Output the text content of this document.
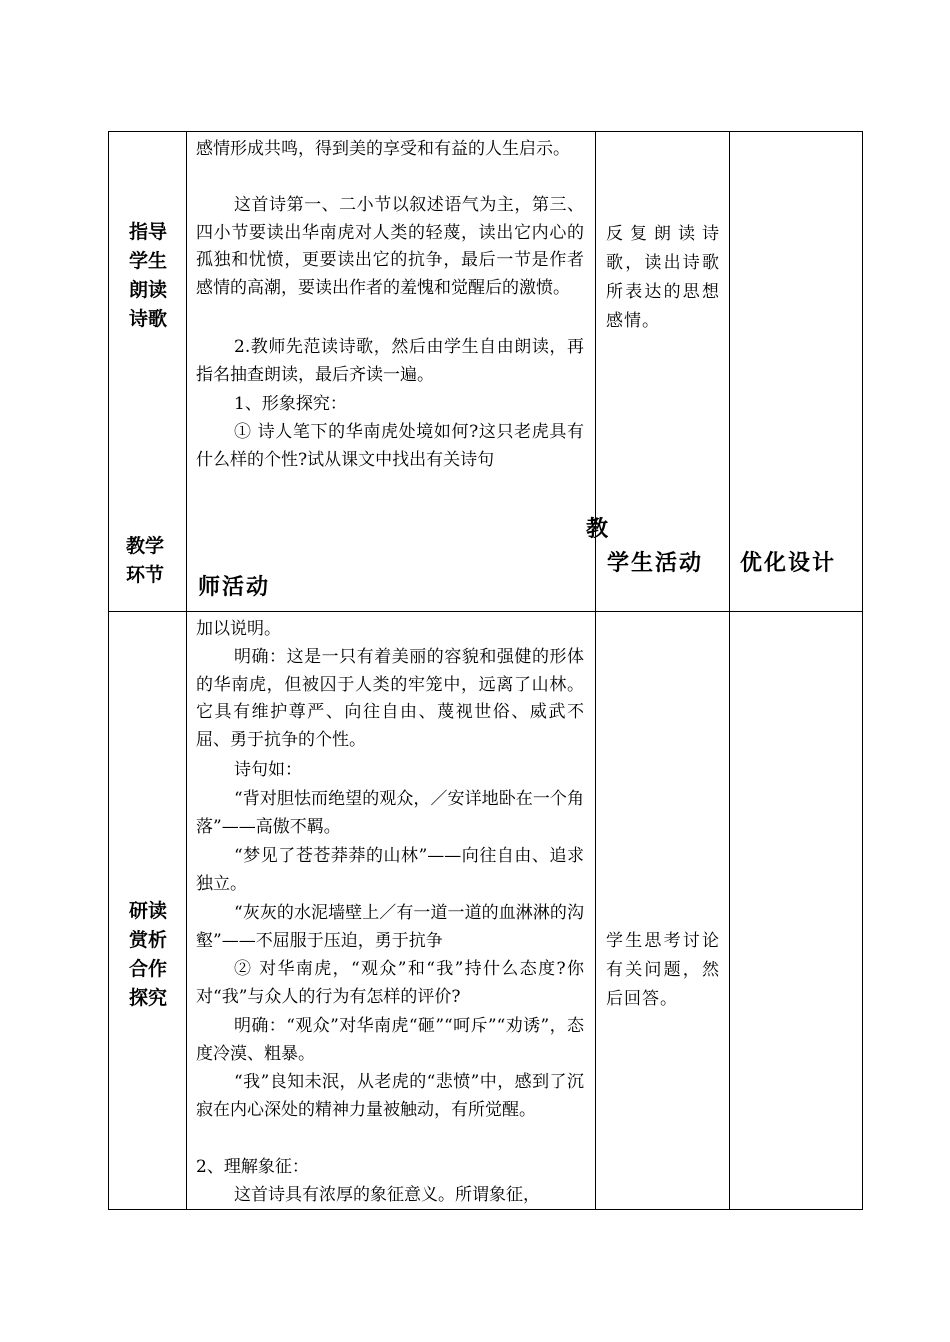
指导
学生
朗读
诗歌

感情形成共鸣，得到美的享受和有益的人生启示。

这首诗第一、二小节以叙述语气为主，第三、四小节要读出华南虎对人类的轻蔑，读出它内心的孤独和忧愤，更要读出它的抗争，最后一节是作者感情的高潮，要读出作者的羞愧和觉醒后的激愤。

2.教师先范读诗歌，然后由学生自由朗读，再指名抽查朗读，最后齐读一遍。

1、形象探究：

① 诗人笔下的华南虎处境如何?这只老虎具有什么样的个性?试从课文中找出有关诗句

反复朗读诗歌，读出诗歌所表达的思想感情。

教学
环节

教

师活动

学生活动 优化设计

研读
赏析
合作
探究

加以说明。

明确：这是一只有着美丽的容貌和强健的形体的华南虎，但被囚于人类的牢笼中，远离了山林。它具有维护尊严、向往自由、蔑视世俗、威武不屈、勇于抗争的个性。

诗句如：

“背对胆怯而绝望的观众，／安详地卧在一个角落”——高傲不羁。

“梦见了苍苍莽莽的山林”——向往自由、追求独立。

“灰灰的水泥墙壁上／有一道一道的血淋淋的沟壑”——不屈服于压迫，勇于抗争

② 对华南虎，“观众”和“我”持什么态度?你对“我”与众人的行为有怎样的评价?

明确：“观众”对华南虎“砸”“呵斥”“劝诱”，态度冷漠、粗暴。

“我”良知未泯，从老虎的“悲愤”中，感到了沉寂在内心深处的精神力量被触动，有所觉醒。

2、理解象征：

这首诗具有浓厚的象征意义。所谓象征，

学生思考讨论有关问题，然后回答。
